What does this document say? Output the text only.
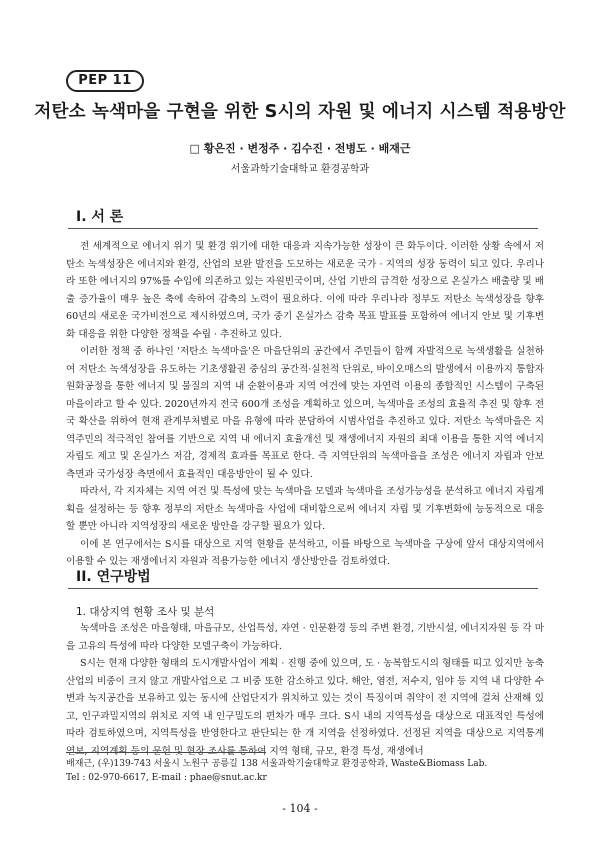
PEP 11
저탄소 녹색마을 구현을 위한 S시의 자원 및 에너지 시스템 적용방안
□ 황은진 · 변정주 · 김수진 · 전병도 · 배재근
서울과학기술대학교 환경공학과
I. 서 론

전 세계적으로 에너지 위기 및 환경 위기에 대한 대응과 지속가능한 성장이 큰 화두이다. 이러한 상황 속에서 저탄소 녹색성장은 에너지와 환경, 산업의 보완 발전을 도모하는 새로운 국가 · 지역의 성장 동력이 되고 있다. 우리나라 또한 에너지의 97%를 수입에 의존하고 있는 자원빈국이며, 산업 기반의 급격한 성장으로 온실가스 배출량 및 배출 증가율이 매우 높은 축에 속하여 감축의 노력이 필요하다. 이에 따라 우리나라 정부도 저탄소 녹색성장을 향후 60년의 새로운 국가비전으로 제시하였으며, 국가 중기 온실가스 감축 목표 발표를 포함하여 에너지 안보 및 기후변화 대응을 위한 다양한 정책을 수립 · 추진하고 있다.

이러한 정책 중 하나인 '저탄소 녹색마을'은 마을단위의 공간에서 주민들이 함께 자발적으로 녹색생활을 실천하여 저탄소 녹색성장을 유도하는 기초생활권 중심의 공간적·실천적 단위로, 바이오매스의 발생에서 이용까지 통합자원화공정을 통한 에너지 및 물질의 지역 내 순환이용과 지역 여건에 맞는 자연력 이용의 종합적인 시스템이 구축된 마을이라고 할 수 있다. 2020년까지 전국 600개 조성을 계획하고 있으며, 녹색마을 조성의 효율적 추진 및 향후 전국 확산을 위하여 현재 관계부처별로 마을 유형에 따라 분담하여 시범사업을 추진하고 있다. 저탄소 녹색마을은 지역주민의 적극적인 참여를 기반으로 지역 내 에너지 효율개선 및 재생에너지 자원의 최대 이용을 통한 지역 에너지 자립도 제고 및 온실가스 저감, 경제적 효과를 목표로 한다. 즉 지역단위의 녹색마을을 조성은 에너지 자립과 안보측면과 국가성장 측면에서 효율적인 대응방안이 될 수 있다.

따라서, 각 지자체는 지역 여건 및 특성에 맞는 녹색마을 모델과 녹색마을 조성가능성을 분석하고 에너지 자립계획을 설정하는 등 향후 정부의 저탄소 녹색마을 사업에 대비함으로써 에너지 자립 및 기후변화에 능동적으로 대응할 뿐만 아니라 지역성장의 새로운 방안을 강구할 필요가 있다.

이에 본 연구에서는 S시를 대상으로 지역 현황을 분석하고, 이를 바탕으로 녹색마을 구상에 앞서 대상지역에서 이용할 수 있는 재생에너지 자원과 적용가능한 에너지 생산방안을 검토하였다.

II. 연구방법
1. 대상지역 현황 조사 및 분석

녹색마을 조성은 마을형태, 마을규모, 산업특성, 자연 · 인문환경 등의 주변 환경, 기반시설, 에너지자원 등 각 마을 고유의 특성에 따라 다양한 모델구축이 가능하다.

S시는 현재 다양한 형태의 도시개발사업이 계획 · 진행 중에 있으며, 도 · 농복합도시의 형태를 띠고 있지만 농축산업의 비중이 크지 않고 개발사업으로 그 비중 또한 감소하고 있다. 해안, 염전, 저수지, 임야 등 지역 내 다양한 수변과 녹지공간을 보유하고 있는 동시에 산업단지가 위치하고 있는 것이 특징이며 취약이 전 지역에 걸쳐 산재해 있고, 인구과밀지역의 위치로 지역 내 인구밀도의 편차가 매우 크다. S시 내의 지역특성을 대상으로 대표적인 특성에 따라 검토하였으며, 지역특성을 반영한다고 판단되는 한 개 지역을 선정하였다. 선정된 지역을 대상으로 지역통계연보, 지역계획 등의 문헌 및 현장 조사를 통하여 지역 형태, 규모, 환경 특성, 재생에너

배재근, (우)139-743 서울시 노원구 공릉길 138 서울과학기술대학교 환경공학과, Waste&Biomass Lab.
Tel : 02-970-6617, E-mail : phae@snut.ac.kr
- 104 -
